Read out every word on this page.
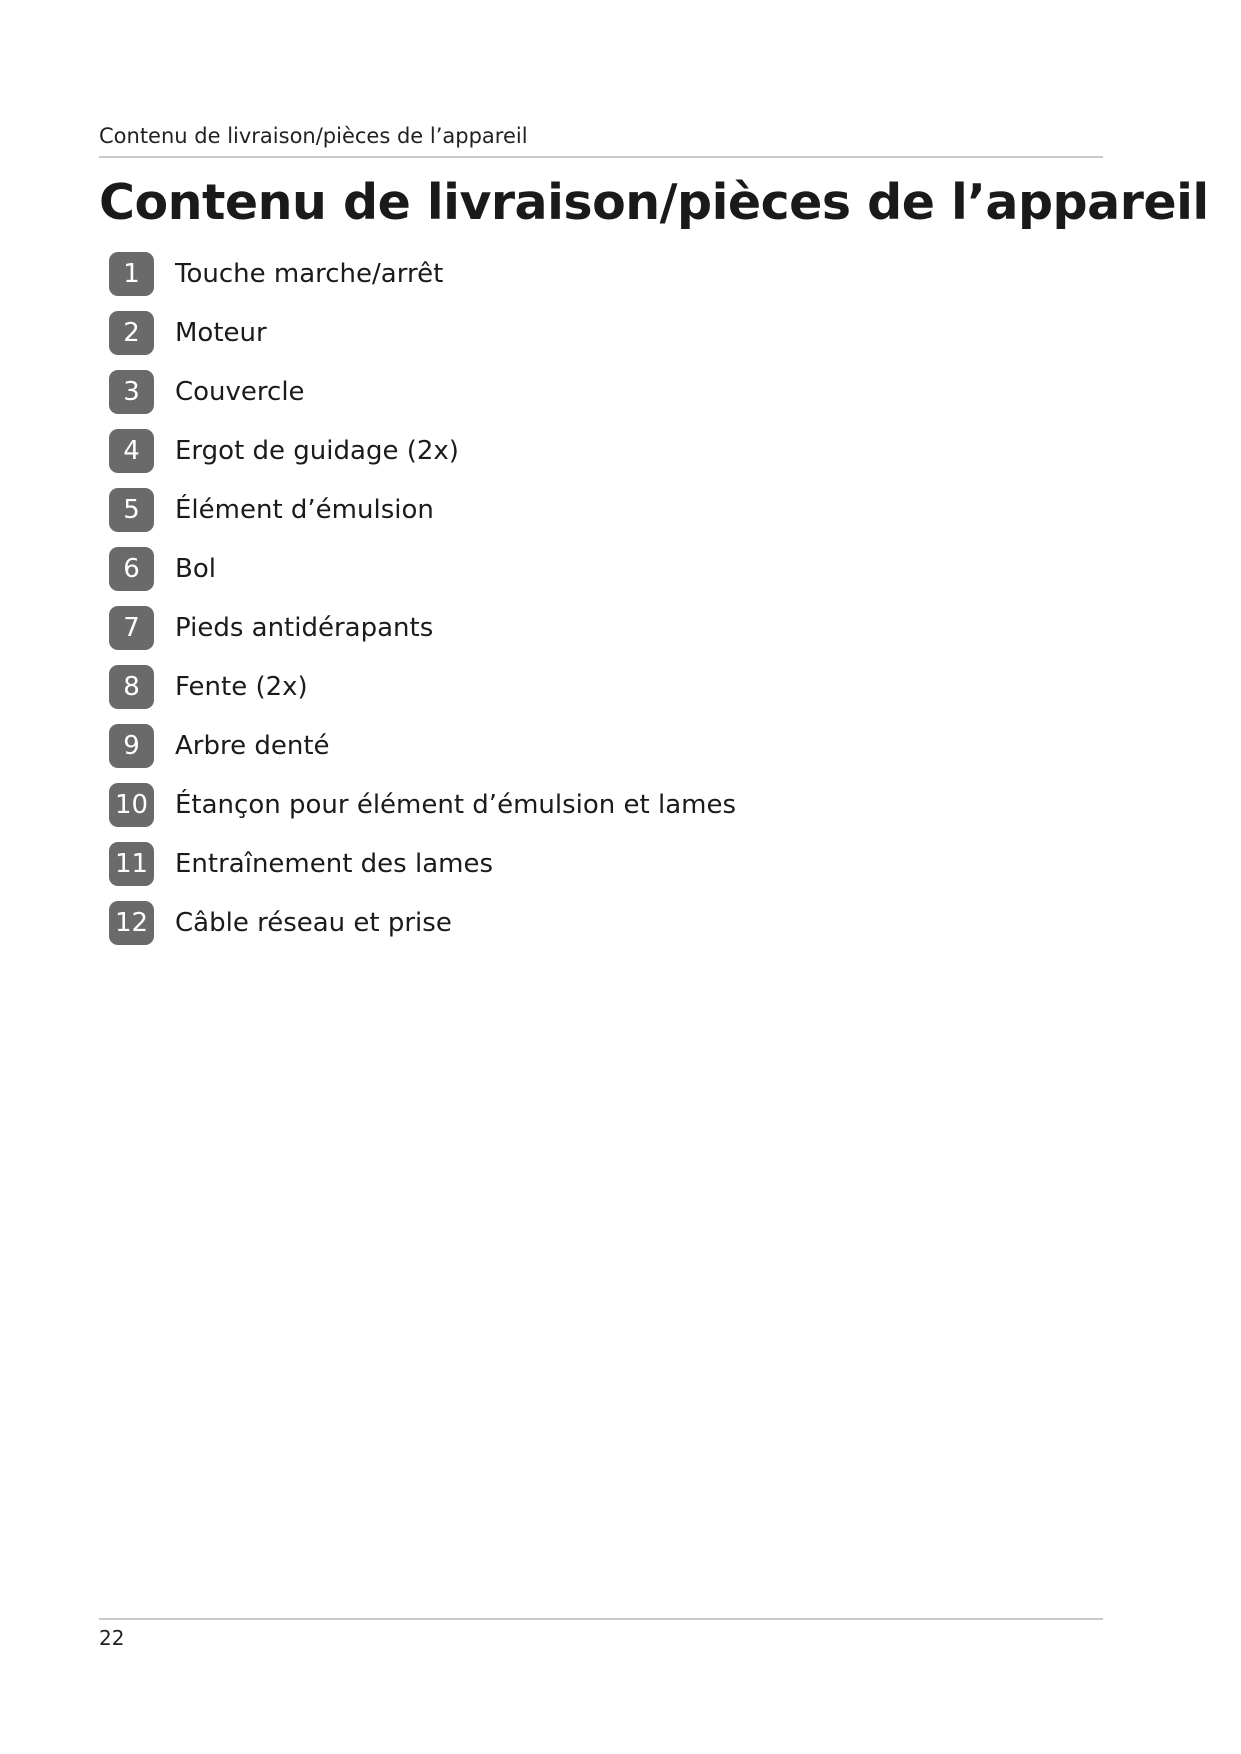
Contenu de livraison/pièces de l’appareil
Contenu de livraison/pièces de l’appareil
1	Touche marche/arrêt
2	Moteur
3	Couvercle
4	Ergot de guidage (2x)
5	Élément d’émulsion
6	Bol
7	Pieds antidérapants
8	Fente (2x)
9	Arbre denté
10 Étançon pour élément d’émulsion et lames
11 Entraînement des lames
12 Câble réseau et prise
22
